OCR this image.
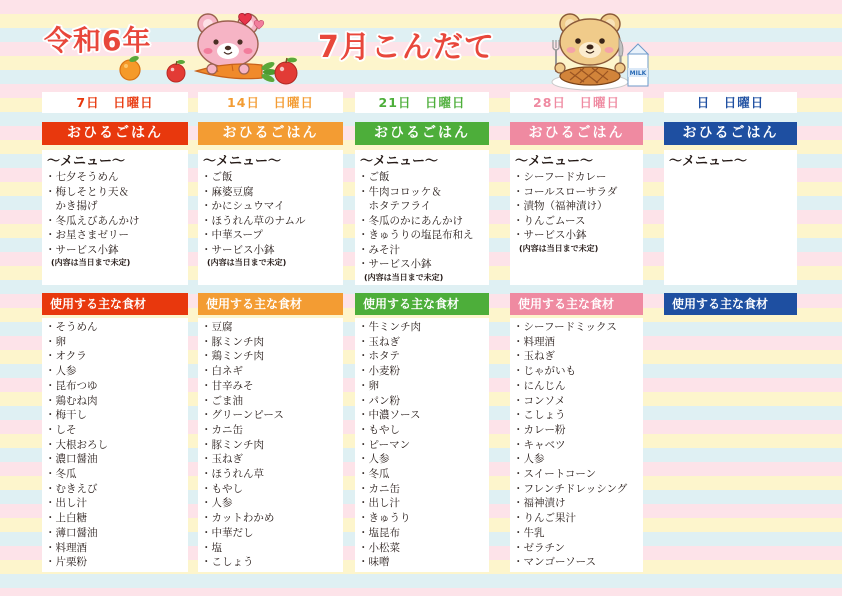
令和6年	7月こんだて
MILK
7日　日曜日
おひるごはん
～メニュー～
・七夕そうめん
・梅しそとり天＆
　かき揚げ
・冬瓜えびあんかけ
・お星さまゼリー
・サービス小鉢
(内容は当日まで未定)
使用する主な食材
・そうめん
・卵
・オクラ
・人参
・昆布つゆ
・鶏むね肉
・梅干し
・しそ
・大根おろし
・濃口醤油
・冬瓜
・むきえび
・出し汁
・上白糖
・薄口醤油
・料理酒
・片栗粉
14日　日曜日
おひるごはん
～メニュー～
・ご飯
・麻婆豆腐
・かにシュウマイ
・ほうれん草のナムル
・中華スープ
・サービス小鉢
(内容は当日まで未定)
使用する主な食材
・豆腐
・豚ミンチ肉
・鶏ミンチ肉
・白ネギ
・甘辛みそ
・ごま油
・グリーンピース
・カニ缶
・豚ミンチ肉
・玉ねぎ
・ほうれん草
・もやし
・人参
・カットわかめ
・中華だし
・塩
・こしょう
21日　日曜日
おひるごはん
～メニュー～
・ご飯
・牛肉コロッケ＆
　ホタテフライ
・冬瓜のかにあんかけ
・きゅうりの塩昆布和え
・みそ汁
・サービス小鉢
(内容は当日まで未定)
使用する主な食材
・牛ミンチ肉
・玉ねぎ
・ホタテ
・小麦粉
・卵
・パン粉
・中濃ソース
・もやし
・ピーマン
・人参
・冬瓜
・カニ缶
・出し汁
・きゅうり
・塩昆布
・小松菜
・味噌
28日　日曜日
おひるごはん
～メニュー～
・シーフードカレー
・コールスローサラダ
・漬物（福神漬け）
・りんごムース
・サービス小鉢
(内容は当日まで未定)
使用する主な食材
・シーフードミックス
・料理酒
・玉ねぎ
・じゃがいも
・にんじん
・コンソメ
・こしょう
・カレー粉
・キャベツ
・人参
・スイートコーン
・フレンチドレッシング
・福神漬け
・りんご果汁
・牛乳
・ゼラチン
・マンゴーソース
日　日曜日
おひるごはん
～メニュー～
使用する主な食材
